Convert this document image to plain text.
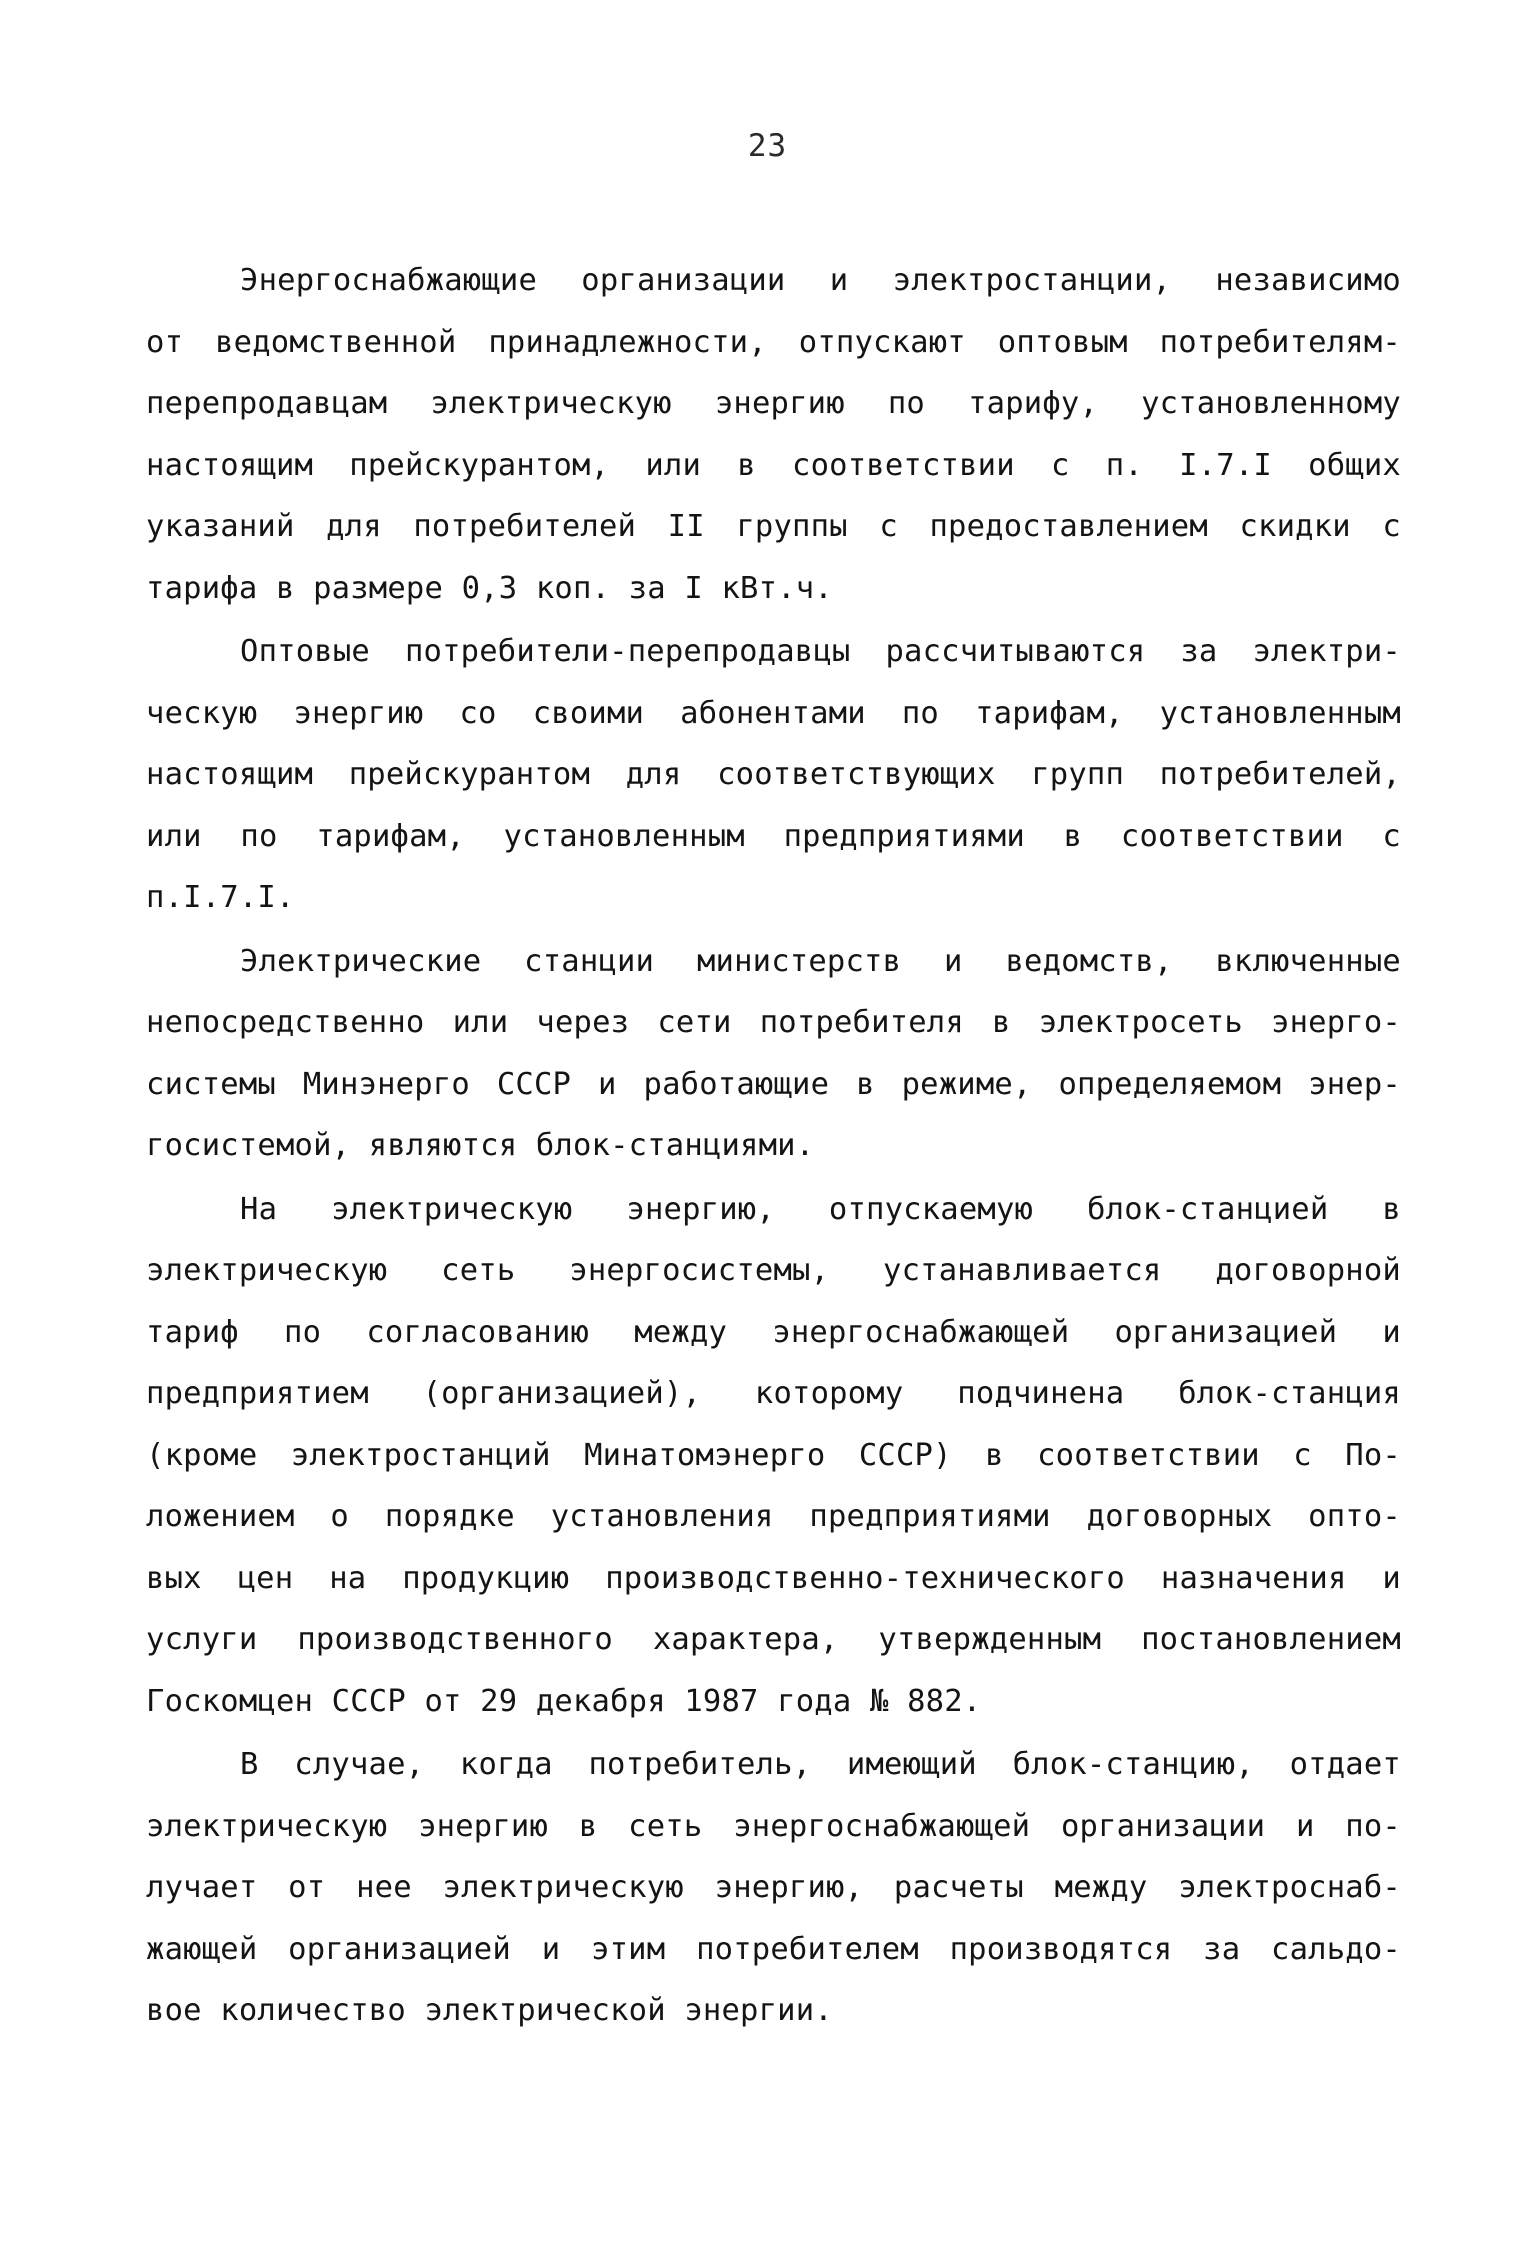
23
Энергоснабжающие организации и электростанции, независимо
от ведомственной принадлежности, отпускают оптовым потребителям-
перепродавцам электрическую энергию по тарифу, установленному
настоящим прейскурантом, или в соответствии с п. I.7.I общих
указаний для потребителей II группы с предоставлением скидки с
тарифа в размере 0,3 коп. за I кВт.ч.
Оптовые потребители-перепродавцы рассчитываются за электри-
ческую энергию со своими абонентами по тарифам, установленным
настоящим прейскурантом для соответствующих групп потребителей,
или по тарифам, установленным предприятиями в соответствии с
п.I.7.I.
Электрические станции министерств и ведомств, включенные
непосредственно или через сети потребителя в электросеть энерго-
системы Минэнерго СССР и работающие в режиме, определяемом энер-
госистемой, являются блок-станциями.
На электрическую энергию, отпускаемую блок-станцией в
электрическую сеть энергосистемы, устанавливается договорной
тариф по согласованию между энергоснабжающей организацией и
предприятием (организацией), которому подчинена блок-станция
(кроме электростанций Минатомэнерго СССР) в соответствии с По-
ложением о порядке установления предприятиями договорных опто-
вых цен на продукцию производственно-технического назначения и
услуги производственного характера, утвержденным постановлением
Госкомцен СССР от 29 декабря 1987 года № 882.
В случае, когда потребитель, имеющий блок-станцию, отдает
электрическую энергию в сеть энергоснабжающей организации и по-
лучает от нее электрическую энергию, расчеты между электроснаб-
жающей организацией и этим потребителем производятся за сальдо-
вое количество электрической энергии.
